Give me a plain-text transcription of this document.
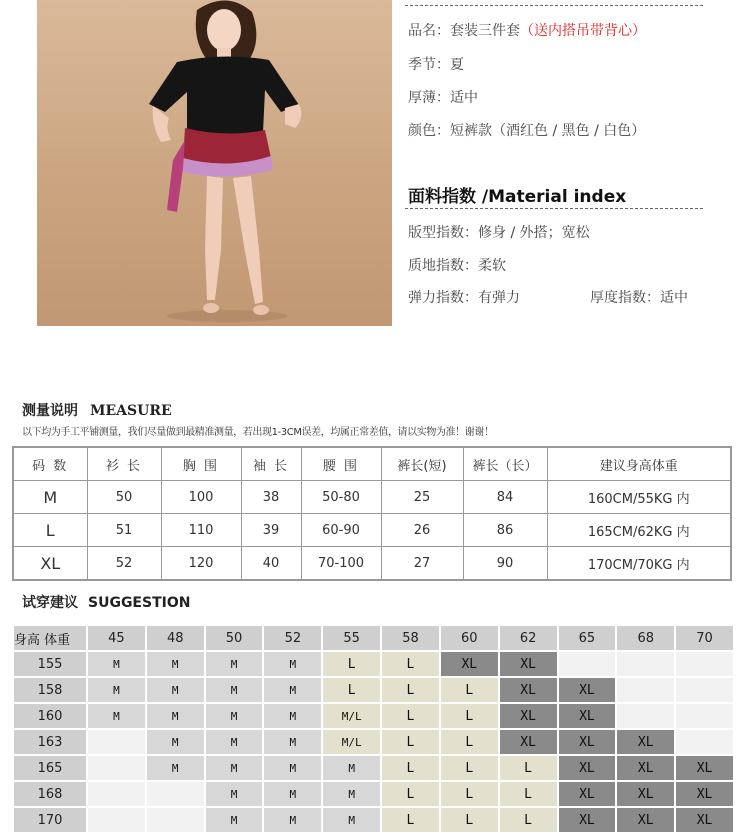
品名：套装三件套（送内搭吊带背心）
季节：夏
厚薄：适中
颜色：短裤款（酒红色 / 黑色 / 白色）
面料指数 /Material index
版型指数：修身 / 外搭；宽松
质地指数：柔软
弹力指数：有弹力	厚度指数：适中
测量说明 MEASURE
以下均为手工平铺测量，我们尽量做到最精准测量，若出现1-3CM误差，均属正常差值，请以实物为准！谢谢！
码 数	衫 长	胸 围	袖 长	腰 围	裤长(短)	裤长（长）	建议身高体重
M	50	100	38	50-80	25	84	160CM/55KG 内
L	51	110	39	60-90	26	86	165CM/62KG 内
XL	52	120	40	70-100	27	90	170CM/70KG 内
试穿建议 SUGGESTION
身高 体重	45	48	50	52	55	58	60	62	65	68	70
155	M	M	M	M	L	L	XL	XL			
158	M	M	M	M	L	L	L	XL	XL		
160	M	M	M	M	M/L	L	L	XL	XL		
163		M	M	M	M/L	L	L	XL	XL	XL	
165		M	M	M	M	L	L	L	XL	XL	XL
168			M	M	M	L	L	L	XL	XL	XL
170			M	M	M	L	L	L	XL	XL	XL
